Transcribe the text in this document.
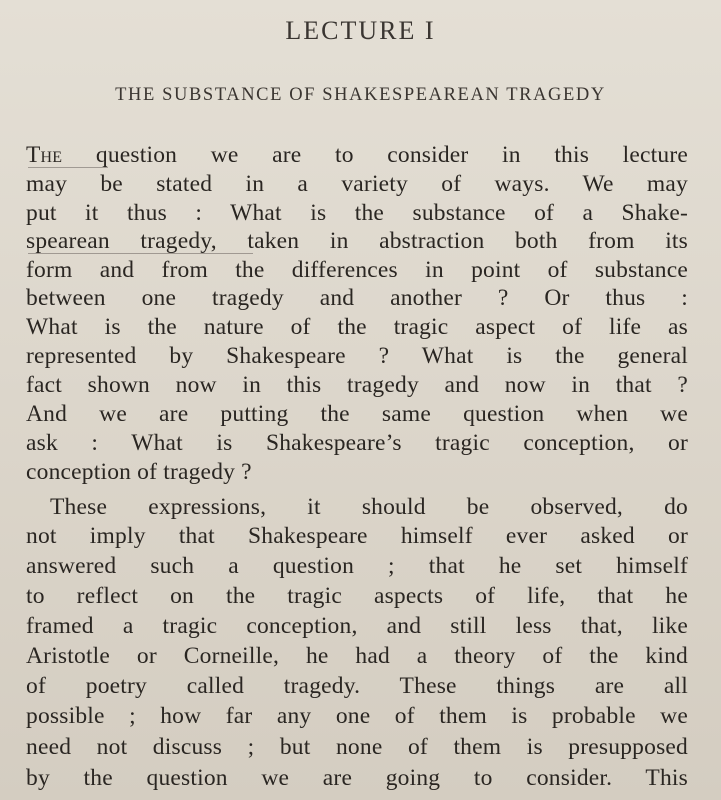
LECTURE I
THE SUBSTANCE OF SHAKESPEAREAN TRAGEDY
The question we are to consider in this lecture
may be stated in a variety of ways. We may
put it thus : What is the substance of a Shake-
spearean tragedy, taken in abstraction both from its
form and from the differences in point of substance
between one tragedy and another ? Or thus :
What is the nature of the tragic aspect of life as
represented by Shakespeare ? What is the general
fact shown now in this tragedy and now in that ?
And we are putting the same question when we
ask : What is Shakespeare’s tragic conception, or
conception of tragedy ?
These expressions, it should be observed, do
not imply that Shakespeare himself ever asked or
answered such a question ; that he set himself
to reflect on the tragic aspects of life, that he
framed a tragic conception, and still less that, like
Aristotle or Corneille, he had a theory of the kind
of poetry called tragedy. These things are all
possible ; how far any one of them is probable we
need not discuss ; but none of them is presupposed
by the question we are going to consider. This
